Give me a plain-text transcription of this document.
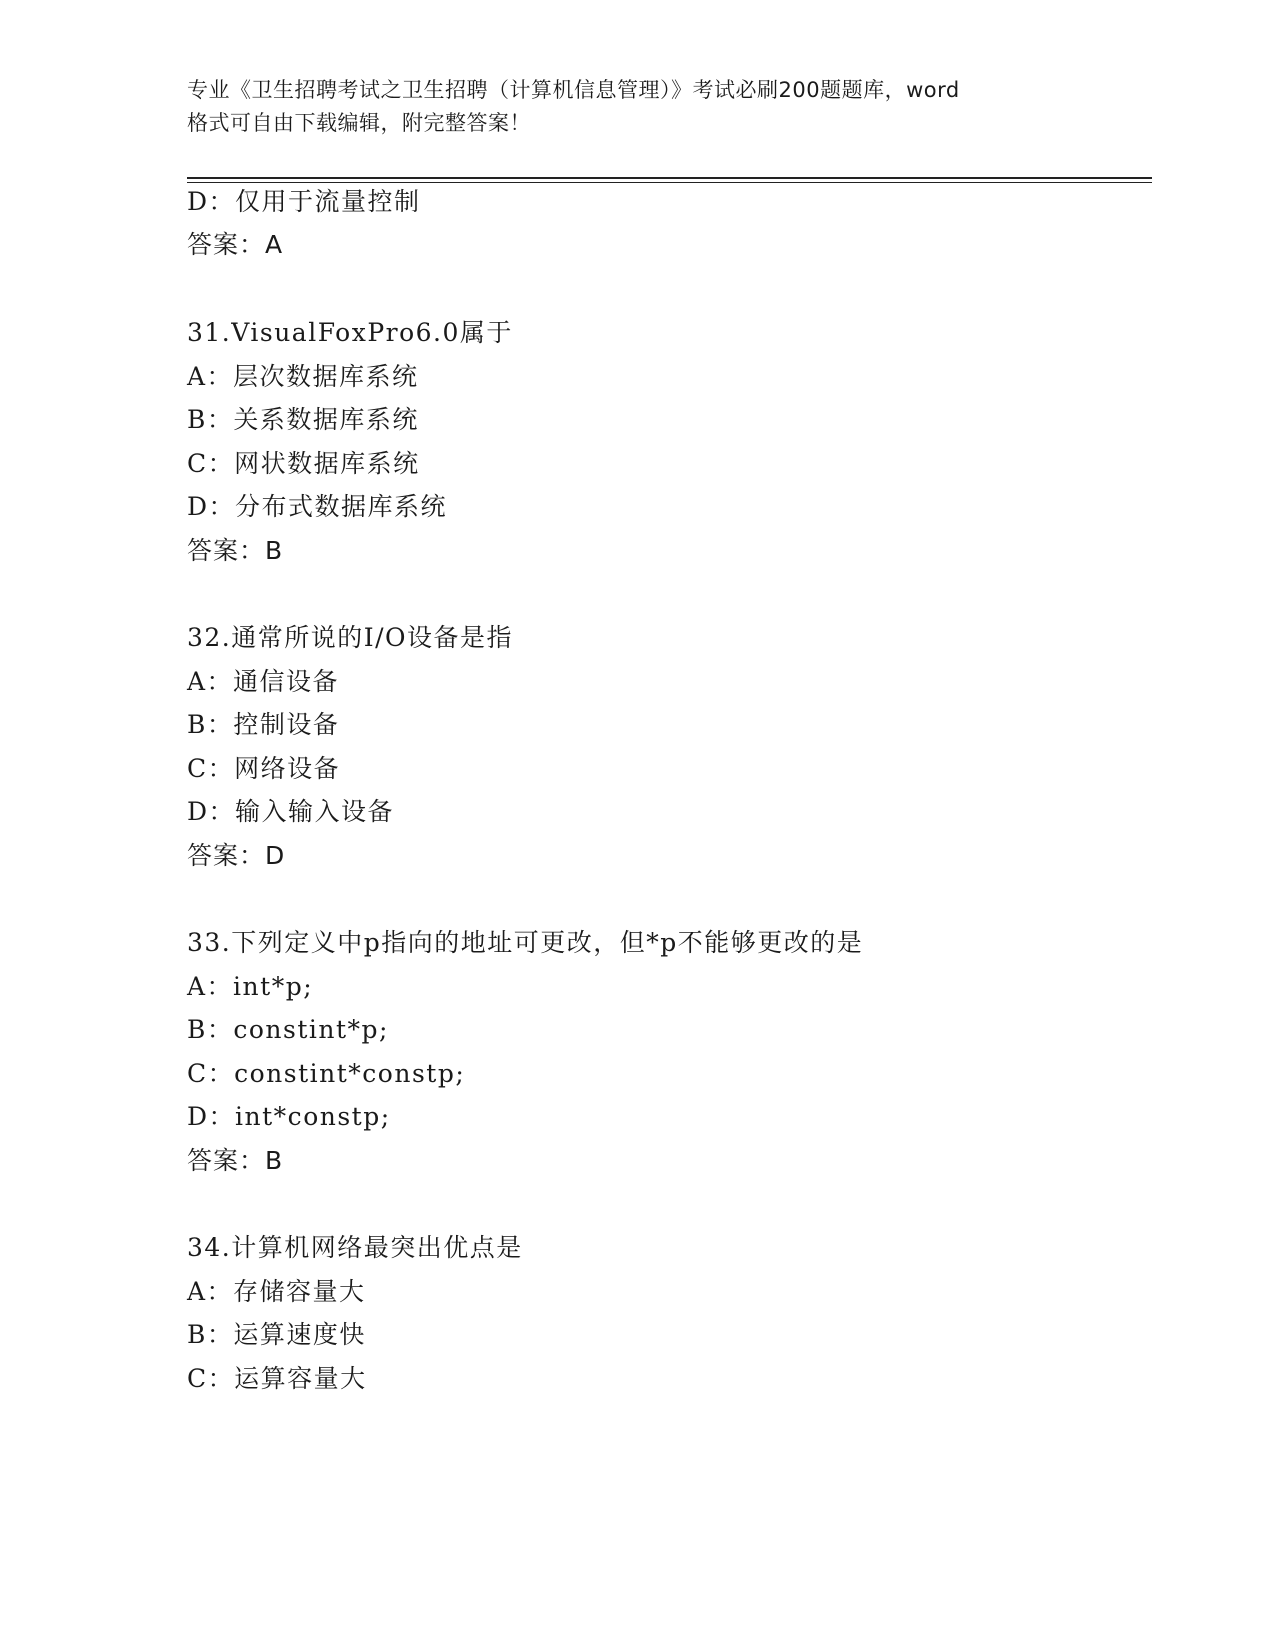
专业《卫生招聘考试之卫生招聘（计算机信息管理）》考试必刷200题题库，word
格式可自由下载编辑，附完整答案！
D：仅用于流量控制
答案：A
31.VisualFoxPro6.0属于
A：层次数据库系统
B：关系数据库系统
C：网状数据库系统
D：分布式数据库系统
答案：B
32.通常所说的I/O设备是指
A：通信设备
B：控制设备
C：网络设备
D：输入输入设备
答案：D
33.下列定义中p指向的地址可更改，但*p不能够更改的是
A：int*p;
B：constint*p;
C：constint*constp;
D：int*constp;
答案：B
34.计算机网络最突出优点是
A：存储容量大
B：运算速度快
C：运算容量大
